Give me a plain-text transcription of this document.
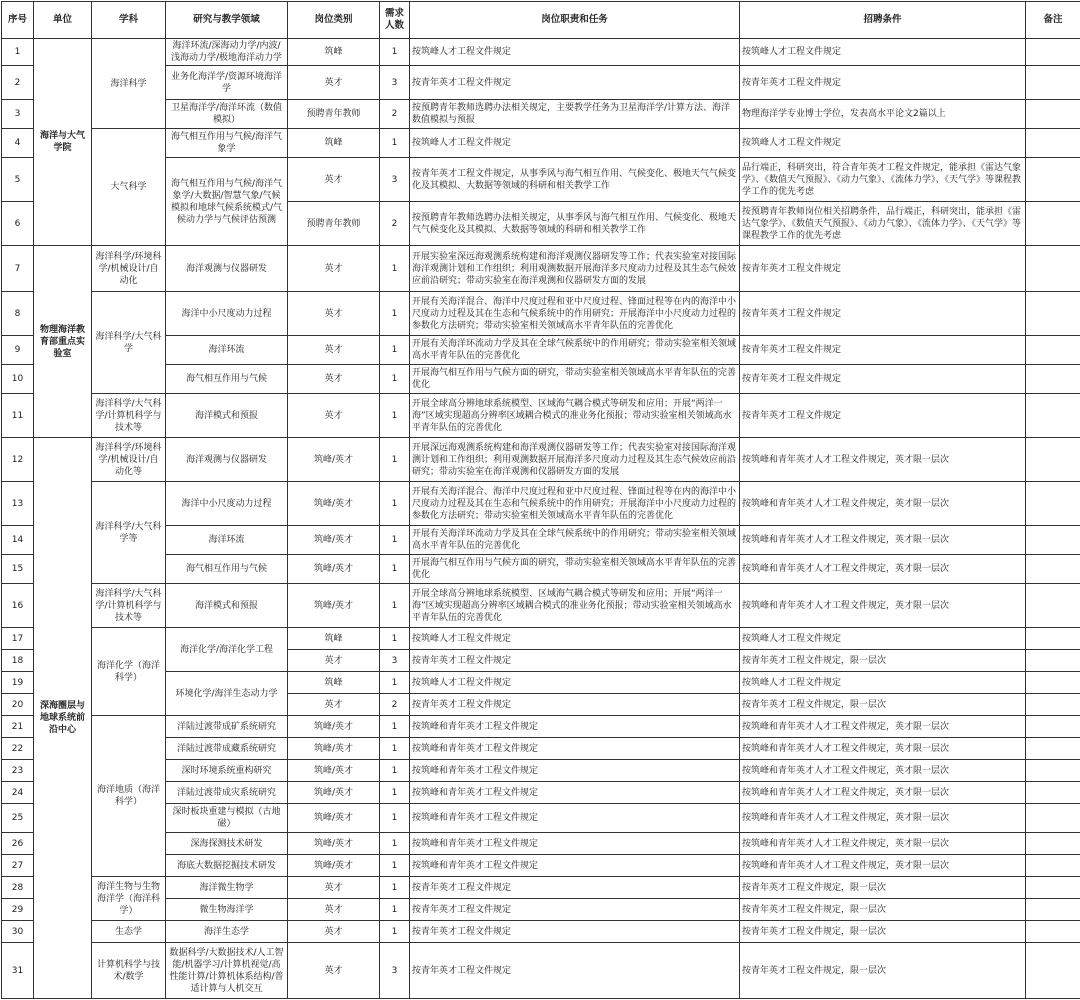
序号	单位	学科	研究与教学领域	岗位类别	需求人数	岗位职责和任务	招聘条件	备注
1	海洋与大气学院	海洋科学	海洋环流/深海动力学/内波/浅海动力学/极地海洋动力学	筑峰	1	按筑峰人才工程文件规定	按筑峰人才工程文件规定	
2			业务化海洋学/资源环境海洋学	英才	3	按青年英才工程文件规定	按青年英才工程文件规定	
3			卫星海洋学/海洋环流（数值模拟）	预聘青年教师	2	按预聘青年教师选聘办法相关规定，主要教学任务为卫星海洋学/计算方法、海洋数值模拟与预报	物理海洋学专业博士学位，发表高水平论文2篇以上	
4		大气科学	海气相互作用与气候/海洋气象学	筑峰	1	按筑峰人才工程文件规定	按筑峰人才工程文件规定	
5			海气相互作用与气候/海洋气象学/大数据/智慧气象/气候模拟和地球气候系统模式/气候动力学与气候评估预测	英才	3	按青年英才工程文件规定，从事季风与海气相互作用、气候变化、极地天气气候变化及其模拟、大数据等领域的科研和相关教学工作	品行端正，科研突出，符合青年英才工程文件规定，能承担《雷达气象学》、《数值天气预报》、《动力气象》、《流体力学》、《天气学》等课程教学工作的优先考虑	
6				预聘青年教师	2	按预聘青年教师选聘办法相关规定，从事季风与海气相互作用、气候变化、极地天气气候变化及其模拟、大数据等领域的科研和相关教学工作	按预聘青年教师岗位相关招聘条件，品行端正，科研突出，能承担《雷达气象学》、《数值天气预报》、《动力气象》、《流体力学》、《天气学》等课程教学工作的优先考虑	
7	物理海洋教育部重点实验室	海洋科学/环境科学/机械设计/自动化	海洋观测与仪器研发	英才	1	开展实验室深远海观测系统构建和海洋观测仪器研发等工作；代表实验室对接国际海洋观测计划和工作组织；利用观测数据开展海洋多尺度动力过程及其生态气候效应前沿研究；带动实验室在海洋观测和仪器研发方面的发展	按青年英才工程文件规定	
8		海洋科学/大气科学	海洋中小尺度动力过程	英才	1	开展有关海洋混合、海洋中尺度过程和亚中尺度过程、锋面过程等在内的海洋中小尺度动力过程及其在生态和气候系统中的作用研究；开展海洋中小尺度动力过程的参数化方法研究；带动实验室相关领域高水平青年队伍的完善优化	按青年英才工程文件规定	
9			海洋环流	英才	1	开展有关海洋环流动力学及其在全球气候系统中的作用研究；带动实验室相关领域高水平青年队伍的完善优化	按青年英才工程文件规定	
10			海气相互作用与气候	英才	1	开展海气相互作用与气候方面的研究，带动实验室相关领域高水平青年队伍的完善优化	按青年英才工程文件规定	
11		海洋科学/大气科学/计算机科学与技术等	海洋模式和预报	英才	1	开展全球高分辨地球系统模型、区域海气耦合模式等研发和应用；开展“两洋一海”区域实现超高分辨率区域耦合模式的准业务化预报；带动实验室相关领域高水平青年队伍的完善优化	按青年英才工程文件规定	
12	深海圈层与地球系统前沿中心	海洋科学/环境科学/机械设计/自动化等	海洋观测与仪器研发	筑峰/英才	1	开展深远海观测系统构建和海洋观测仪器研发等工作；代表实验室对接国际海洋观测计划和工作组织；利用观测数据开展海洋多尺度动力过程及其生态气候效应前沿研究；带动实验室在海洋观测和仪器研发方面的发展	按筑峰和青年英才人才工程文件规定，英才限一层次	
13		海洋科学/大气科学等	海洋中小尺度动力过程	筑峰/英才	1	开展有关海洋混合、海洋中尺度过程和亚中尺度过程、锋面过程等在内的海洋中小尺度动力过程及其在生态和气候系统中的作用研究；开展海洋中小尺度动力过程的参数化方法研究；带动实验室相关领域高水平青年队伍的完善优化	按筑峰和青年英才人才工程文件规定，英才限一层次	
14			海洋环流	筑峰/英才	1	开展有关海洋环流动力学及其在全球气候系统中的作用研究；带动实验室相关领域高水平青年队伍的完善优化	按筑峰和青年英才人才工程文件规定，英才限一层次	
15			海气相互作用与气候	筑峰/英才	1	开展海气相互作用与气候方面的研究，带动实验室相关领域高水平青年队伍的完善优化	按筑峰和青年英才人才工程文件规定，英才限一层次	
16		海洋科学/大气科学/计算机科学与技术等	海洋模式和预报	筑峰/英才	1	开展全球高分辨地球系统模型、区域海气耦合模式等研发和应用；开展“两洋一海”区域实现超高分辨率区域耦合模式的准业务化预报；带动实验室相关领域高水平青年队伍的完善优化	按筑峰和青年英才人才工程文件规定，英才限一层次	
17		海洋化学（海洋科学）	海洋化学/海洋化学工程	筑峰	1	按筑峰人才工程文件规定	按筑峰人才工程文件规定	
18				英才	3	按青年英才工程文件规定	按青年英才工程文件规定，限一层次	
19			环境化学/海洋生态动力学	筑峰	1	按筑峰人才工程文件规定	按筑峰人才工程文件规定	
20				英才	2	按青年英才工程文件规定	按青年英才工程文件规定，限一层次	
21		海洋地质（海洋科学）	洋陆过渡带成矿系统研究	筑峰/英才	1	按筑峰和青年英才工程文件规定	按筑峰和青年英才人才工程文件规定，英才限一层次	
22			洋陆过渡带成藏系统研究	筑峰/英才	1	按筑峰和青年英才工程文件规定	按筑峰和青年英才人才工程文件规定，英才限一层次	
23			深时环境系统重构研究	筑峰/英才	1	按筑峰和青年英才工程文件规定	按筑峰和青年英才人才工程文件规定，英才限一层次	
24			洋陆过渡带成灾系统研究	筑峰/英才	1	按筑峰和青年英才工程文件规定	按筑峰和青年英才人才工程文件规定，英才限一层次	
25			深时板块重建与模拟（古地磁）	筑峰/英才	1	按筑峰和青年英才工程文件规定	按筑峰和青年英才人才工程文件规定，英才限一层次	
26			深海探测技术研发	筑峰/英才	1	按筑峰和青年英才工程文件规定	按筑峰和青年英才人才工程文件规定，英才限一层次	
27			海底大数据挖掘技术研发	筑峰/英才	1	按筑峰和青年英才工程文件规定	按筑峰和青年英才人才工程文件规定，英才限一层次	
28		海洋生物与生物海洋学（海洋科学）	海洋微生物学	英才	1	按青年英才工程文件规定	按青年英才工程文件规定，限一层次	
29			微生物海洋学	英才	1	按青年英才工程文件规定	按青年英才工程文件规定，限一层次	
30		生态学	海洋生态学	英才	1	按青年英才工程文件规定	按青年英才工程文件规定，限一层次	
31		计算机科学与技术/数学	数据科学/大数据技术/人工智能/机器学习/计算机视觉/高性能计算/计算机体系结构/普适计算与人机交互	英才	3	按青年英才工程文件规定	按青年英才工程文件规定，限一层次	
